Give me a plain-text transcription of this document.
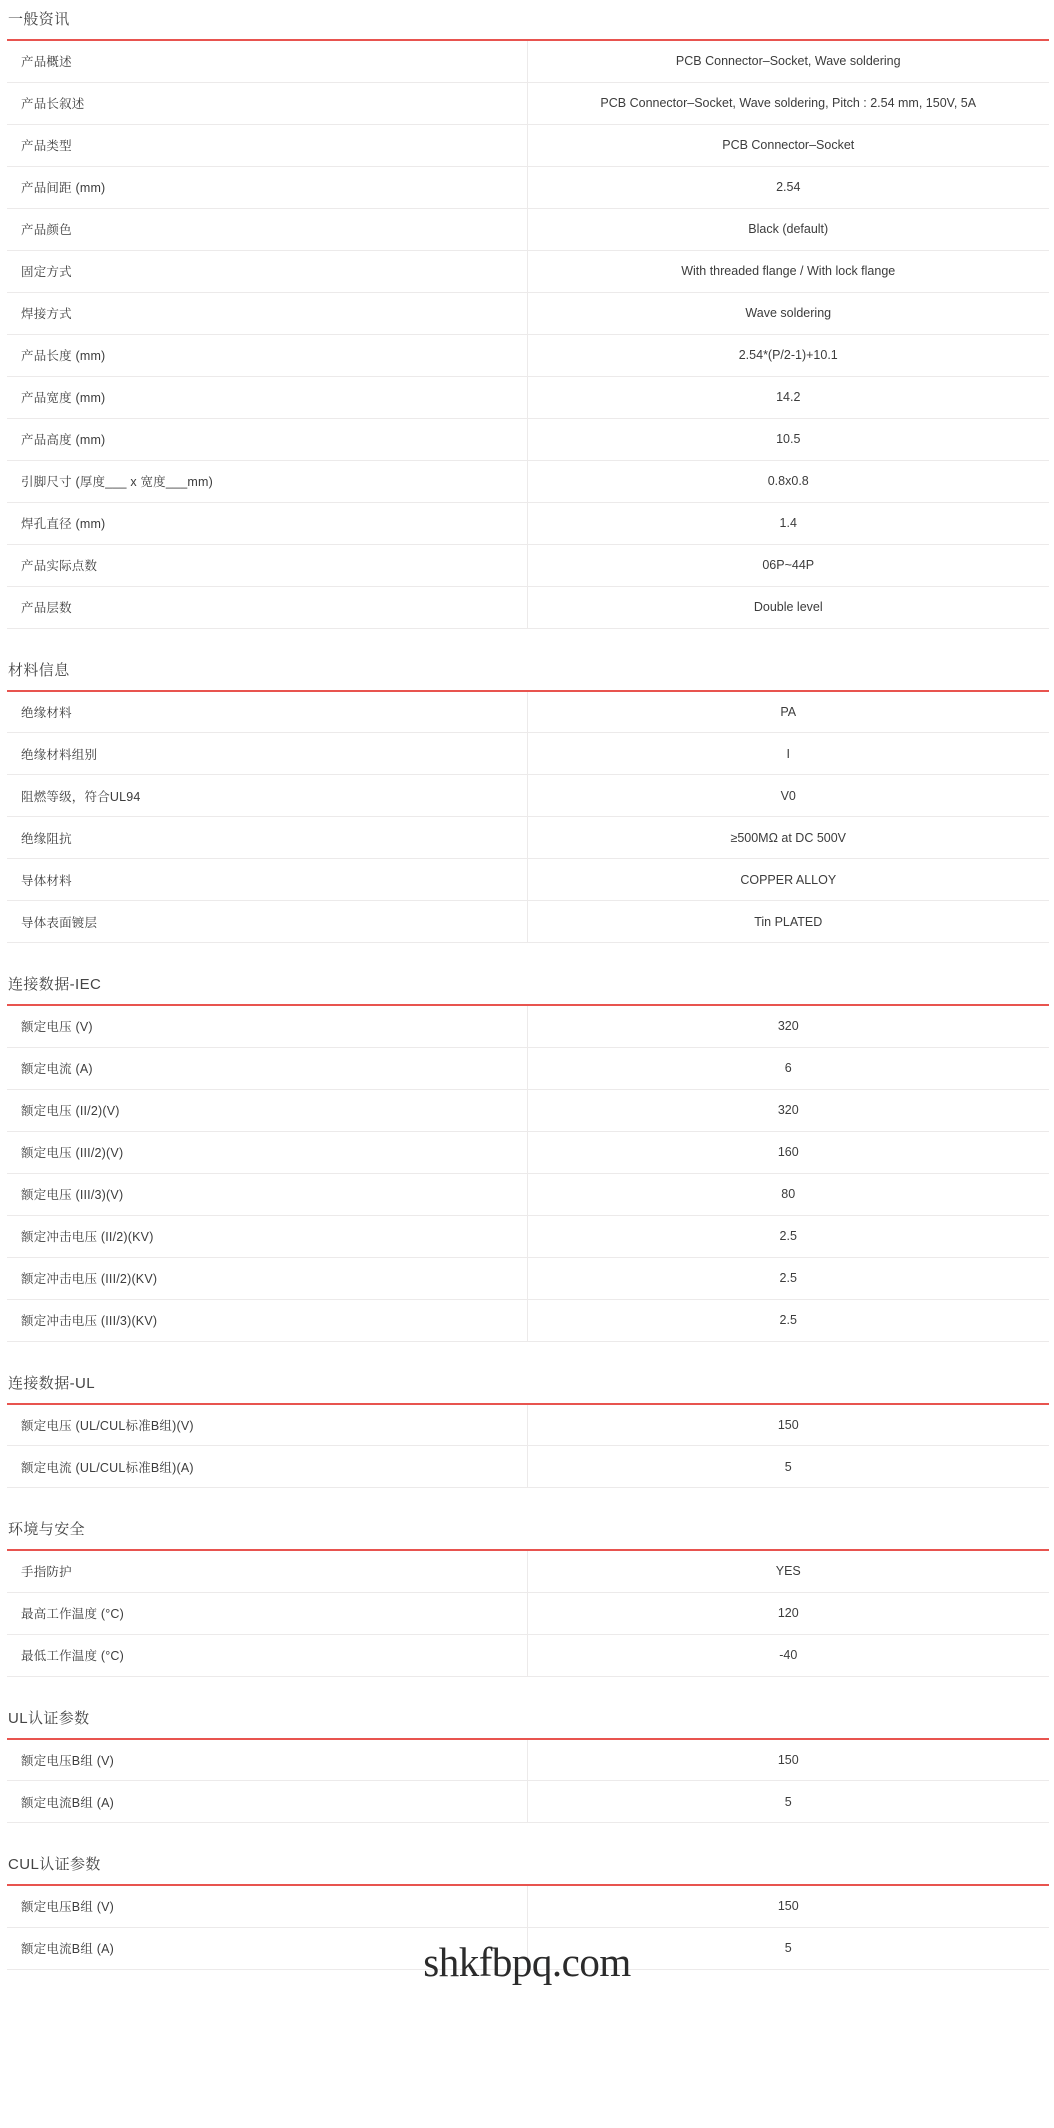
一般资讯
产品概述	PCB Connector–Socket, Wave soldering
产品长叙述	PCB Connector–Socket, Wave soldering, Pitch : 2.54 mm, 150V, 5A
产品类型	PCB Connector–Socket
产品间距 (mm)	2.54
产品颜色	Black (default)
固定方式	With threaded flange / With lock flange
焊接方式	Wave soldering
产品长度 (mm)	2.54*(P/2-1)+10.1
产品宽度 (mm)	14.2
产品高度 (mm)	10.5
引脚尺寸 (厚度___ x 宽度___mm)	0.8x0.8
焊孔直径 (mm)	1.4
产品实际点数	06P~44P
产品层数	Double level
材料信息
绝缘材料	PA
绝缘材料组别	I
阻燃等级，符合UL94	V0
绝缘阻抗	≥500MΩ at DC 500V
导体材料	COPPER ALLOY
导体表面镀层	Tin PLATED
连接数据-IEC
额定电压 (V)	320
额定电流 (A)	6
额定电压 (II/2)(V)	320
额定电压 (III/2)(V)	160
额定电压 (III/3)(V)	80
额定冲击电压 (II/2)(KV)	2.5
额定冲击电压 (III/2)(KV)	2.5
额定冲击电压 (III/3)(KV)	2.5
连接数据-UL
额定电压 (UL/CUL标准B组)(V)	150
额定电流 (UL/CUL标准B组)(A)	5
环境与安全
手指防护	YES
最高工作温度 (°C)	120
最低工作温度 (°C)	-40
UL认证参数
额定电压B组 (V)	150
额定电流B组 (A)	5
CUL认证参数
额定电压B组 (V)	150
额定电流B组 (A)	5
shkfbpq.com
